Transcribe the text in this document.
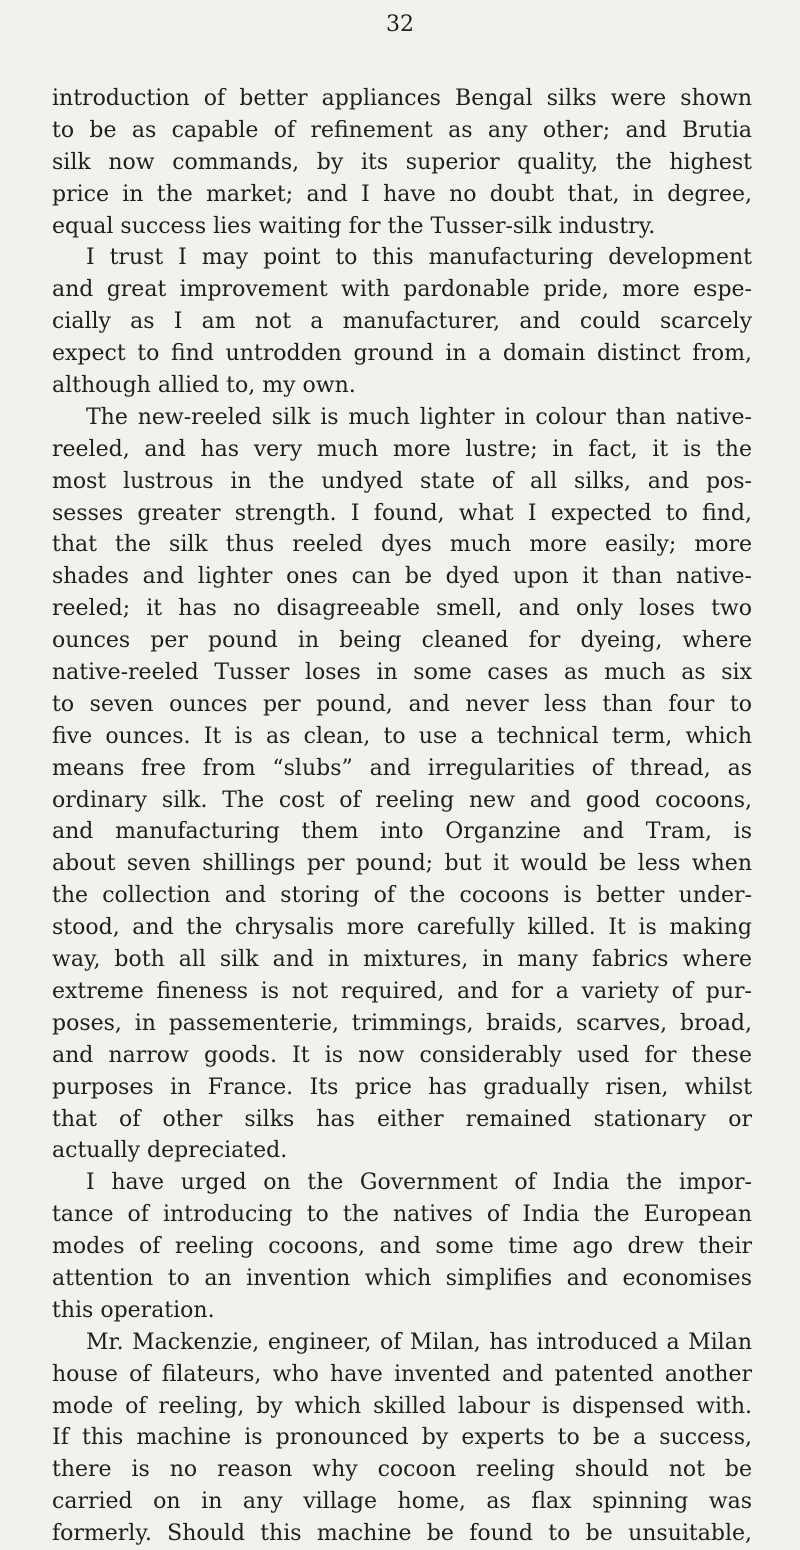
32
introduction of better appliances Bengal silks were shown
to be as capable of refinement as any other; and Brutia
silk now commands, by its superior quality, the highest
price in the market; and I have no doubt that, in degree,
equal success lies waiting for the Tusser-silk industry.
I trust I may point to this manufacturing development
and great improvement with pardonable pride, more espe-
cially as I am not a manufacturer, and could scarcely
expect to find untrodden ground in a domain distinct from,
although allied to, my own.
The new-reeled silk is much lighter in colour than native-
reeled, and has very much more lustre; in fact, it is the
most lustrous in the undyed state of all silks, and pos-
sesses greater strength. I found, what I expected to find,
that the silk thus reeled dyes much more easily; more
shades and lighter ones can be dyed upon it than native-
reeled; it has no disagreeable smell, and only loses two
ounces per pound in being cleaned for dyeing, where
native-reeled Tusser loses in some cases as much as six
to seven ounces per pound, and never less than four to
five ounces. It is as clean, to use a technical term, which
means free from “slubs” and irregularities of thread, as
ordinary silk. The cost of reeling new and good cocoons,
and manufacturing them into Organzine and Tram, is
about seven shillings per pound; but it would be less when
the collection and storing of the cocoons is better under-
stood, and the chrysalis more carefully killed. It is making
way, both all silk and in mixtures, in many fabrics where
extreme fineness is not required, and for a variety of pur-
poses, in passementerie, trimmings, braids, scarves, broad,
and narrow goods. It is now considerably used for these
purposes in France. Its price has gradually risen, whilst
that of other silks has either remained stationary or
actually depreciated.
I have urged on the Government of India the impor-
tance of introducing to the natives of India the European
modes of reeling cocoons, and some time ago drew their
attention to an invention which simplifies and economises
this operation.
Mr. Mackenzie, engineer, of Milan, has introduced a Milan
house of filateurs, who have invented and patented another
mode of reeling, by which skilled labour is dispensed with.
If this machine is pronounced by experts to be a success,
there is no reason why cocoon reeling should not be
carried on in any village home, as flax spinning was
formerly. Should this machine be found to be unsuitable,
